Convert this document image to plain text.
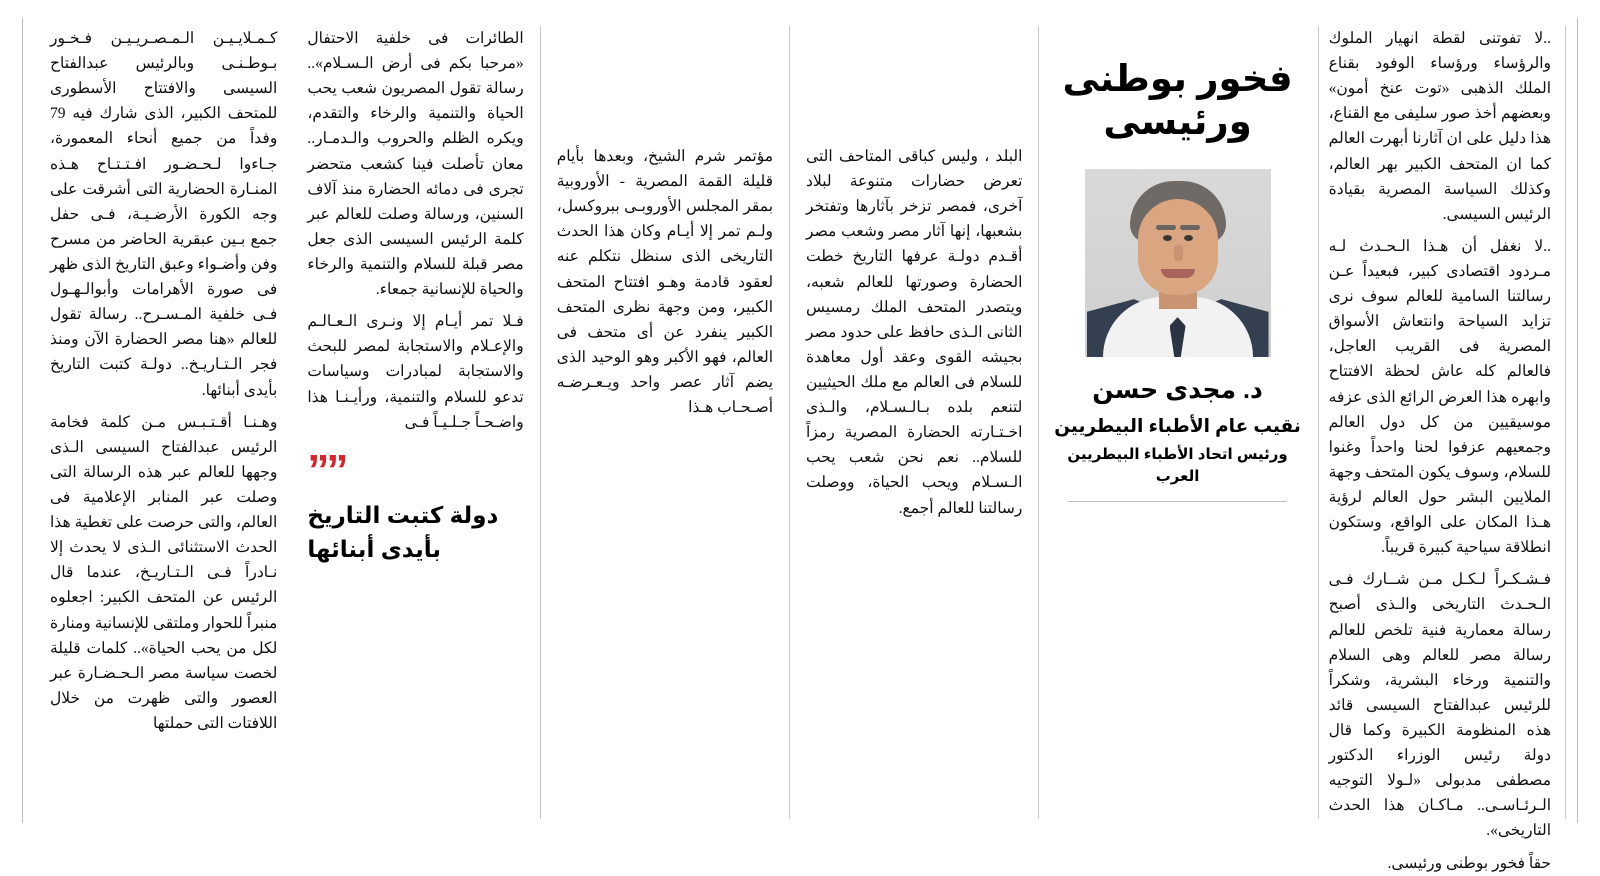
كـمـلايـيـن الـمـصـريـيـن فـخـور بـوطـنـى وبالرئيس عبدالفتاح السيسى والافتتاح الأسطورى للمتحف الكبير، الذى شارك فيه 79 وفداً من جميع أنحاء المعمورة، جـاءوا لـحـضـور افـتـتـاح هـذه المنـارة الحضارية التى أشرقت على وجه الكورة الأرضـيـة، فـى حفل جمع بـين عبقرية الحاضر من مسرح وفن وأضـواء وعبق التاريخ الذى ظهر فى صورة الأهرامات وأبوالـهـول فـى خلفية المـسـرح.. رسالة تقول للعالم «هنا مصر الحضارة الآن ومنذ فجر الـتـاريـخ.. دولـة كتبت التاريخ بأيدى أبنائها.

وهـنـا أقـتـبـس مـن كلمة فخامة الرئيس عبدالفتاح السيسى الـذى وجهها للعالم عبر هذه الرسالة التى وصلت عبر المنابر الإعلامية فى العالم، والتى حرصت على تغطية هذا الحدث الاستثنائى الـذى لا يحدث إلا نـادراً فـى الـتـاريـخ، عندما قال الرئيس عن المتحف الكبير: اجعلوه منبراً للحوار وملتقى للإنسانية ومنارة لكل من يحب الحياة».. كلمات قليلة لخصت سياسة مصر الـحـضـارة عبر العصور والتى ظهرت من خلال اللافتات التى حملتها

الطائرات فى خلفية الاحتفال «مرحبا بكم فى أرض الـسـلام».. رسالة تقول المصريون شعب يحب الحياة والتنمية والرخاء والتقدم، ويكره الظلم والحروب والـدمـار.. معان تأصلت فينا كشعب متحضر تجرى فى دمائه الحضارة منذ آلاف السنين، ورسالة وصلت للعالم عبر كلمة الرئيس السيسى الذى جعل مصر قبلة للسلام والتنمية والرخاء والحياة للإنسانية جمعاء.

فـلا تمر أيـام إلا ونـرى الـعـالـم والإعـلام والاستجابة لمصر للبحث والاستجابة لمبادرات وسياسات تدعو للسلام والتنمية، ورأيـنـا هذا واضـحـاً جـلـيـاً فـى

””
دولة كتبت التاريخ
بأيدى أبنائها

مؤتمر شرم الشيخ، وبعدها بأيام قليلة القمة المصرية - الأوروبية بمقر المجلس الأوروبـى ببروكسل، ولـم تمر إلا أيـام وكان هذا الحدث التاريخى الذى سنظل نتكلم عنه لعقود قادمة وهـو افتتاح المتحف الكبير، ومن وجهة نظرى المتحف الكبير ينفرد عن أى متحف فى العالم، فهو الأكبر وهو الوحيد الذى يضم آثار عصر واحد ويـعـرضـه أصـحـاب هـذا

البلد ، وليس كباقى المتاحف التى تعرض حضارات متنوعة لبلاد آخرى، فمصر تزخر بآثارها وتفتخر بشعبها، إنها آثار مصر وشعب مصر أقـدم دولـة عرفها التاريخ خطت الحضارة وصورتها للعالم شعبه، ويتصدر المتحف الملك رمسيس الثانى الـذى حافظ على حدود مصر بجيشه القوى وعقد أول معاهدة للسلام فى العالم مع ملك الحيثيين لتنعم بلده بـالـسـلام، والـذى اخـتـارته الحضارة المصرية رمزاً للسلام.. نعم نحن شعب يحب الـسـلام ويحب الحياة، ووصلت رسالتنا للعالم أجمع.

فخور بوطنى ورئيسى
د. مجدى حسن
نقيب عام الأطباء البيطريين
ورئيس اتحاد الأطباء البيطريين العرب

..لا تفوتنى لقطة انهيار الملوك والرؤساء ورؤساء الوفود بقناع الملك الذهبى «توت عنخ أمون» وبعضهم أخذ صور سليفى مع القناع، هذا دليل على ان آثارنا أبهرت العالم كما ان المتحف الكبير بهر العالم، وكذلك السياسة المصرية بقيادة الرئيس السيسى.

..لا نغفل أن هـذا الـحـدث لـه مـردود اقتصادى كبير، فبعيداً عـن رسالتنا السامية للعالم سوف نرى تزايد السياحة وانتعاش الأسواق المصرية فى القريب العاجل، فالعالم كله عاش لحظة الافتتاح وابهره هذا العرض الرائع الذى عزفه موسيقيين من كل دول العالم وجمعيهم عزفوا لحنا واحداً وغنوا للسلام، وسوف يكون المتحف وجهة الملايين البشر حول العالم لرؤية هـذا المكان على الواقع، وستكون انطلاقة سياحية كبيرة قريباً.

فـشـكـراً لـكـل مـن شــارك فـى الـحـدث التاريخى والـذى أصبح رسالة معمارية فنية تلخص للعالم رسالة مصر للعالم وهى السلام والتنمية ورخاء البشرية، وشكراً للرئيس عبدالفتاح السيسى قائد هذه المنظومة الكبيرة وكما قال دولة رئيس الوزراء الدكتور مصطفى مدبولى «لـولا التوجيه الـرئـاسـى.. مـاكـان هذا الحدث التاريخى».

حقاً فخور بوطنى ورئيسى.
